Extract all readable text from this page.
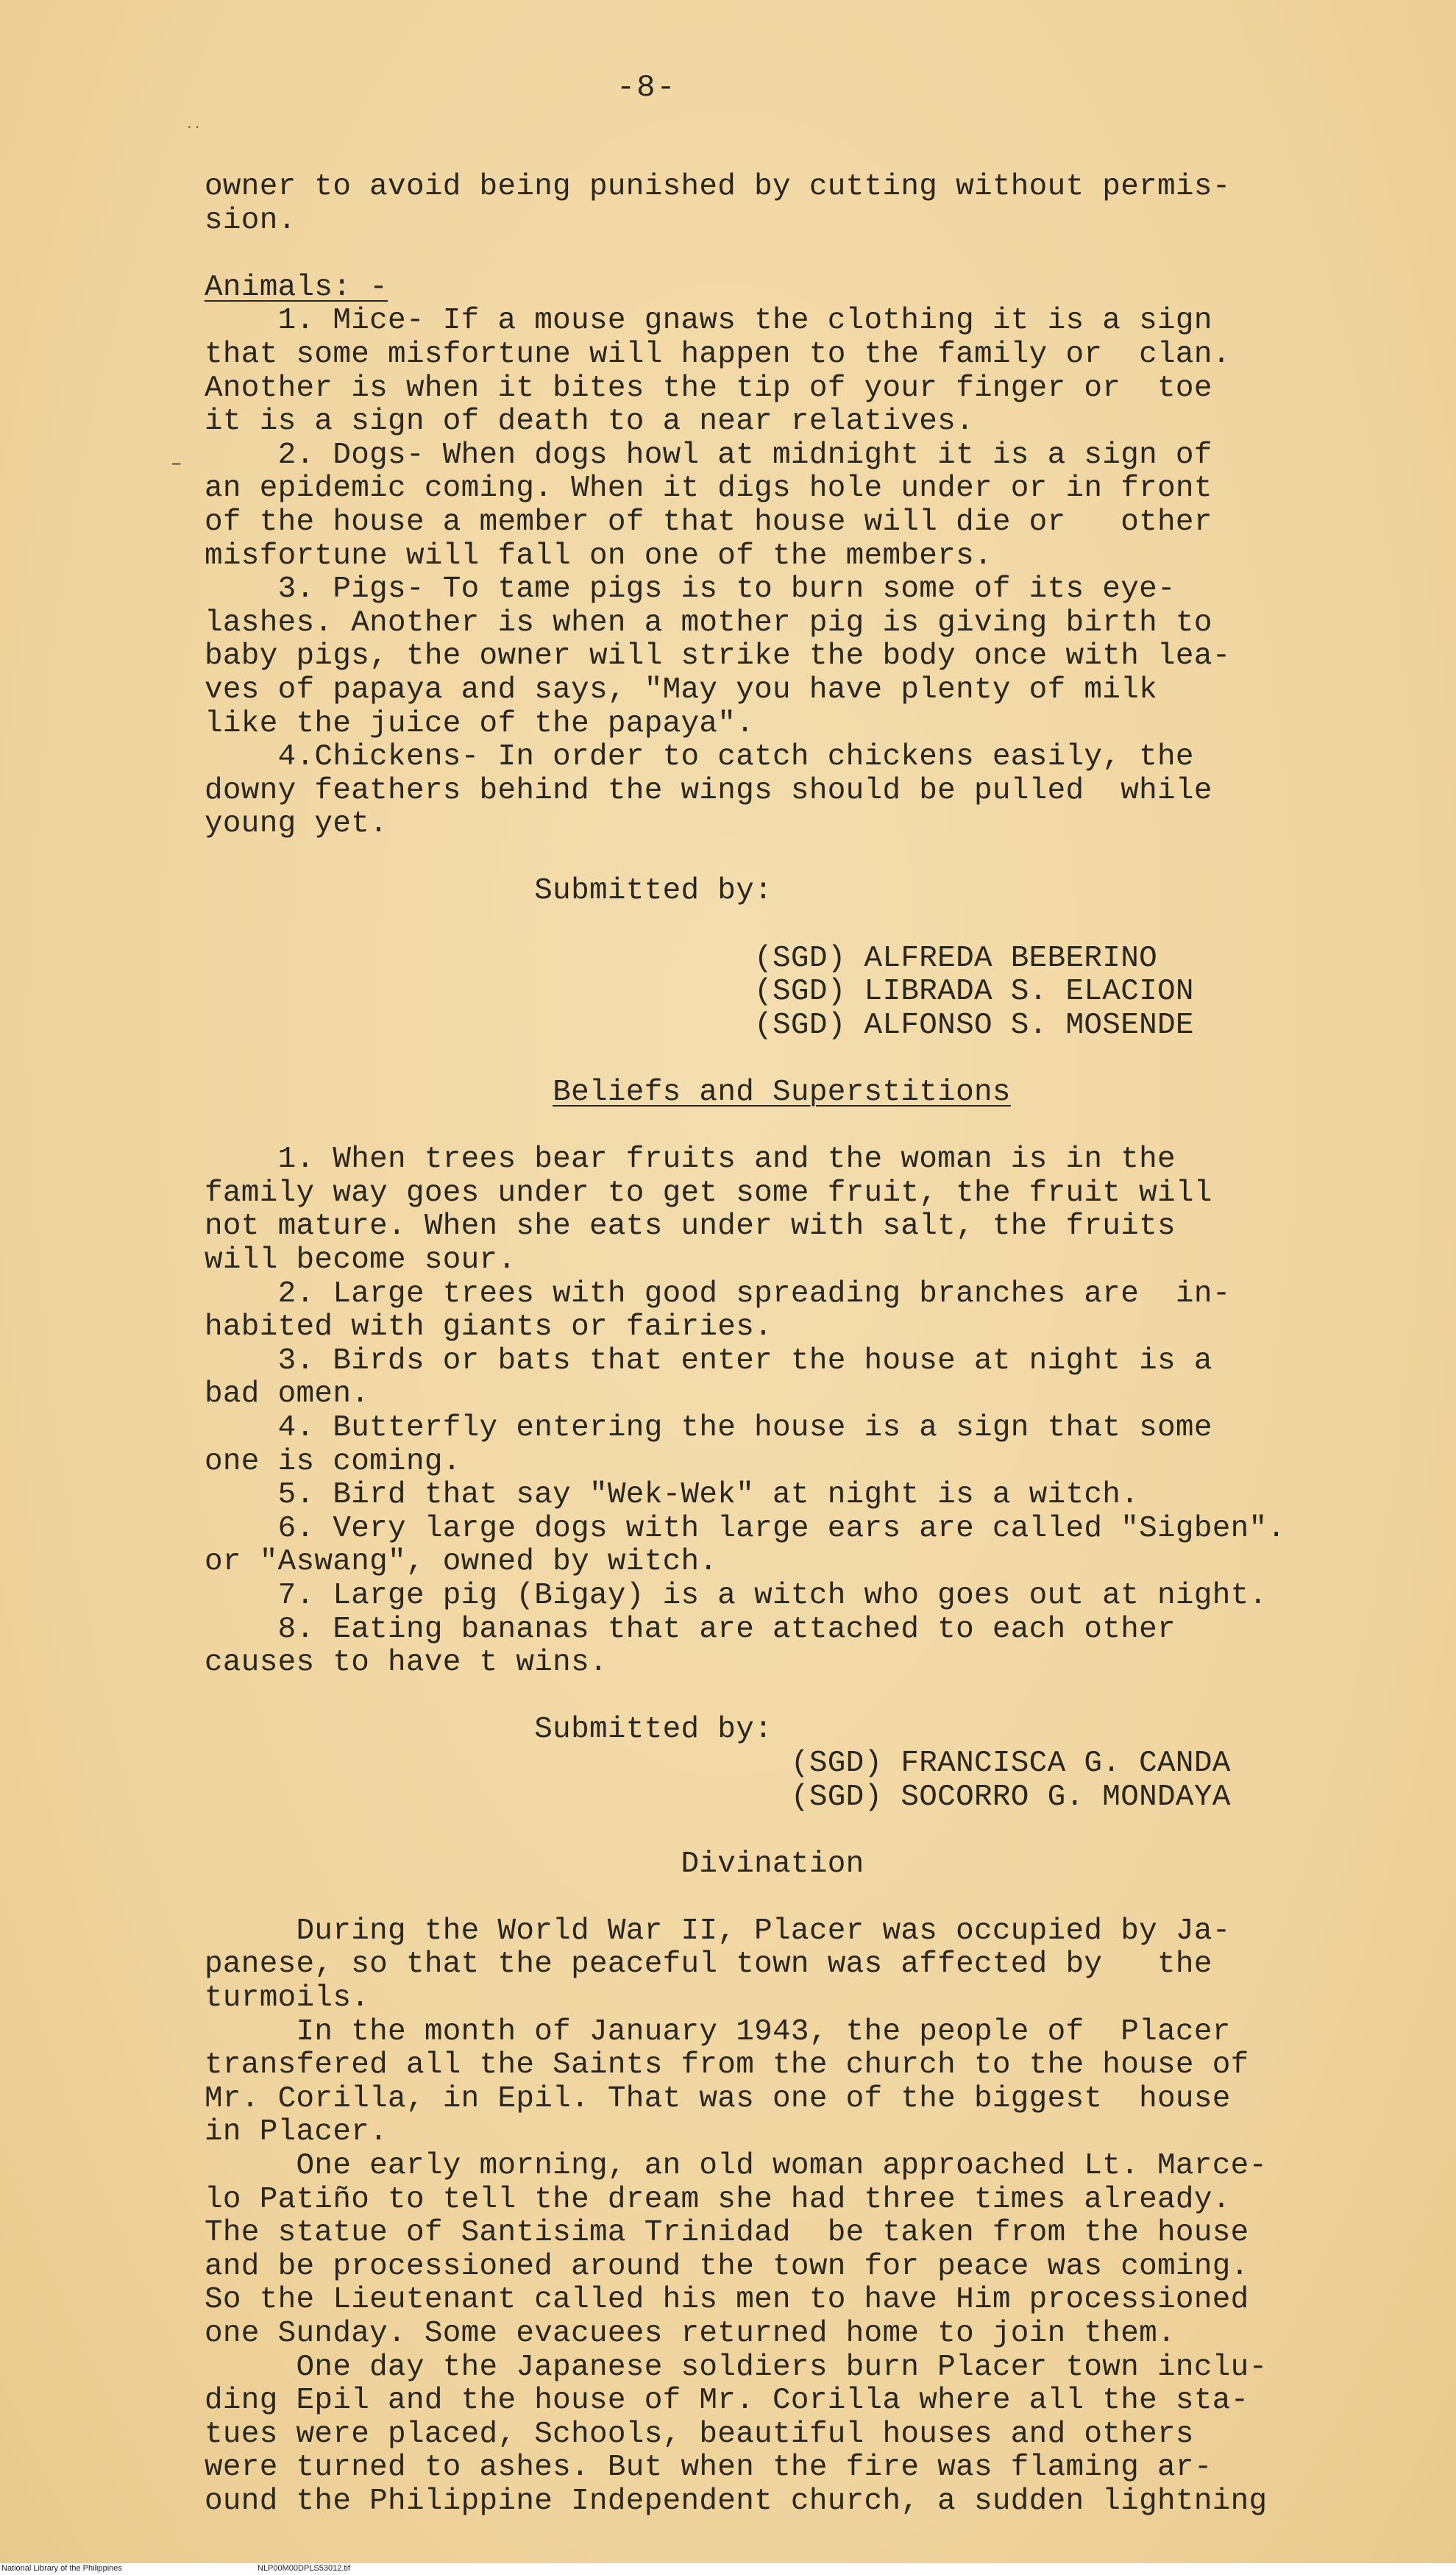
-8-
..
–
owner to avoid being punished by cutting without permis-
sion.
Animals: -
1. Mice- If a mouse gnaws the clothing it is a sign
that some misfortune will happen to the family or  clan.
Another is when it bites the tip of your finger or  toe
it is a sign of death to a near relatives.
2. Dogs- When dogs howl at midnight it is a sign of
an epidemic coming. When it digs hole under or in front
of the house a member of that house will die or   other
misfortune will fall on one of the members.
3. Pigs- To tame pigs is to burn some of its eye-
lashes. Another is when a mother pig is giving birth to
baby pigs, the owner will strike the body once with lea-
ves of papaya and says, "May you have plenty of milk
like the juice of the papaya".
4.Chickens- In order to catch chickens easily, the
downy feathers behind the wings should be pulled  while
young yet.
Submitted by:
(SGD) ALFREDA BEBERINO
(SGD) LIBRADA S. ELACION
(SGD) ALFONSO S. MOSENDE
Beliefs and Superstitions
1. When trees bear fruits and the woman is in the
family way goes under to get some fruit, the fruit will
not mature. When she eats under with salt, the fruits
will become sour.
2. Large trees with good spreading branches are  in-
habited with giants or fairies.
3. Birds or bats that enter the house at night is a
bad omen.
4. Butterfly entering the house is a sign that some
one is coming.
5. Bird that say "Wek-Wek" at night is a witch.
6. Very large dogs with large ears are called "Sigben".
or "Aswang", owned by witch.
7. Large pig (Bigay) is a witch who goes out at night.
8. Eating bananas that are attached to each other
causes to have t wins.
Submitted by:
(SGD) FRANCISCA G. CANDA
(SGD) SOCORRO G. MONDAYA
Divination
During the World War II, Placer was occupied by Ja-
panese, so that the peaceful town was affected by   the
turmoils.
In the month of January 1943, the people of  Placer
transfered all the Saints from the church to the house of
Mr. Corilla, in Epil. That was one of the biggest  house
in Placer.
One early morning, an old woman approached Lt. Marce-
lo Patiño to tell the dream she had three times already.
The statue of Santisima Trinidad  be taken from the house
and be processioned around the town for peace was coming.
So the Lieutenant called his men to have Him processioned
one Sunday. Some evacuees returned home to join them.
One day the Japanese soldiers burn Placer town inclu-
ding Epil and the house of Mr. Corilla where all the sta-
tues were placed, Schools, beautiful houses and others
were turned to ashes. But when the fire was flaming ar-
ound the Philippine Independent church, a sudden lightning
National Library of the Philippines	NLP00M00DPLS53012.tif
